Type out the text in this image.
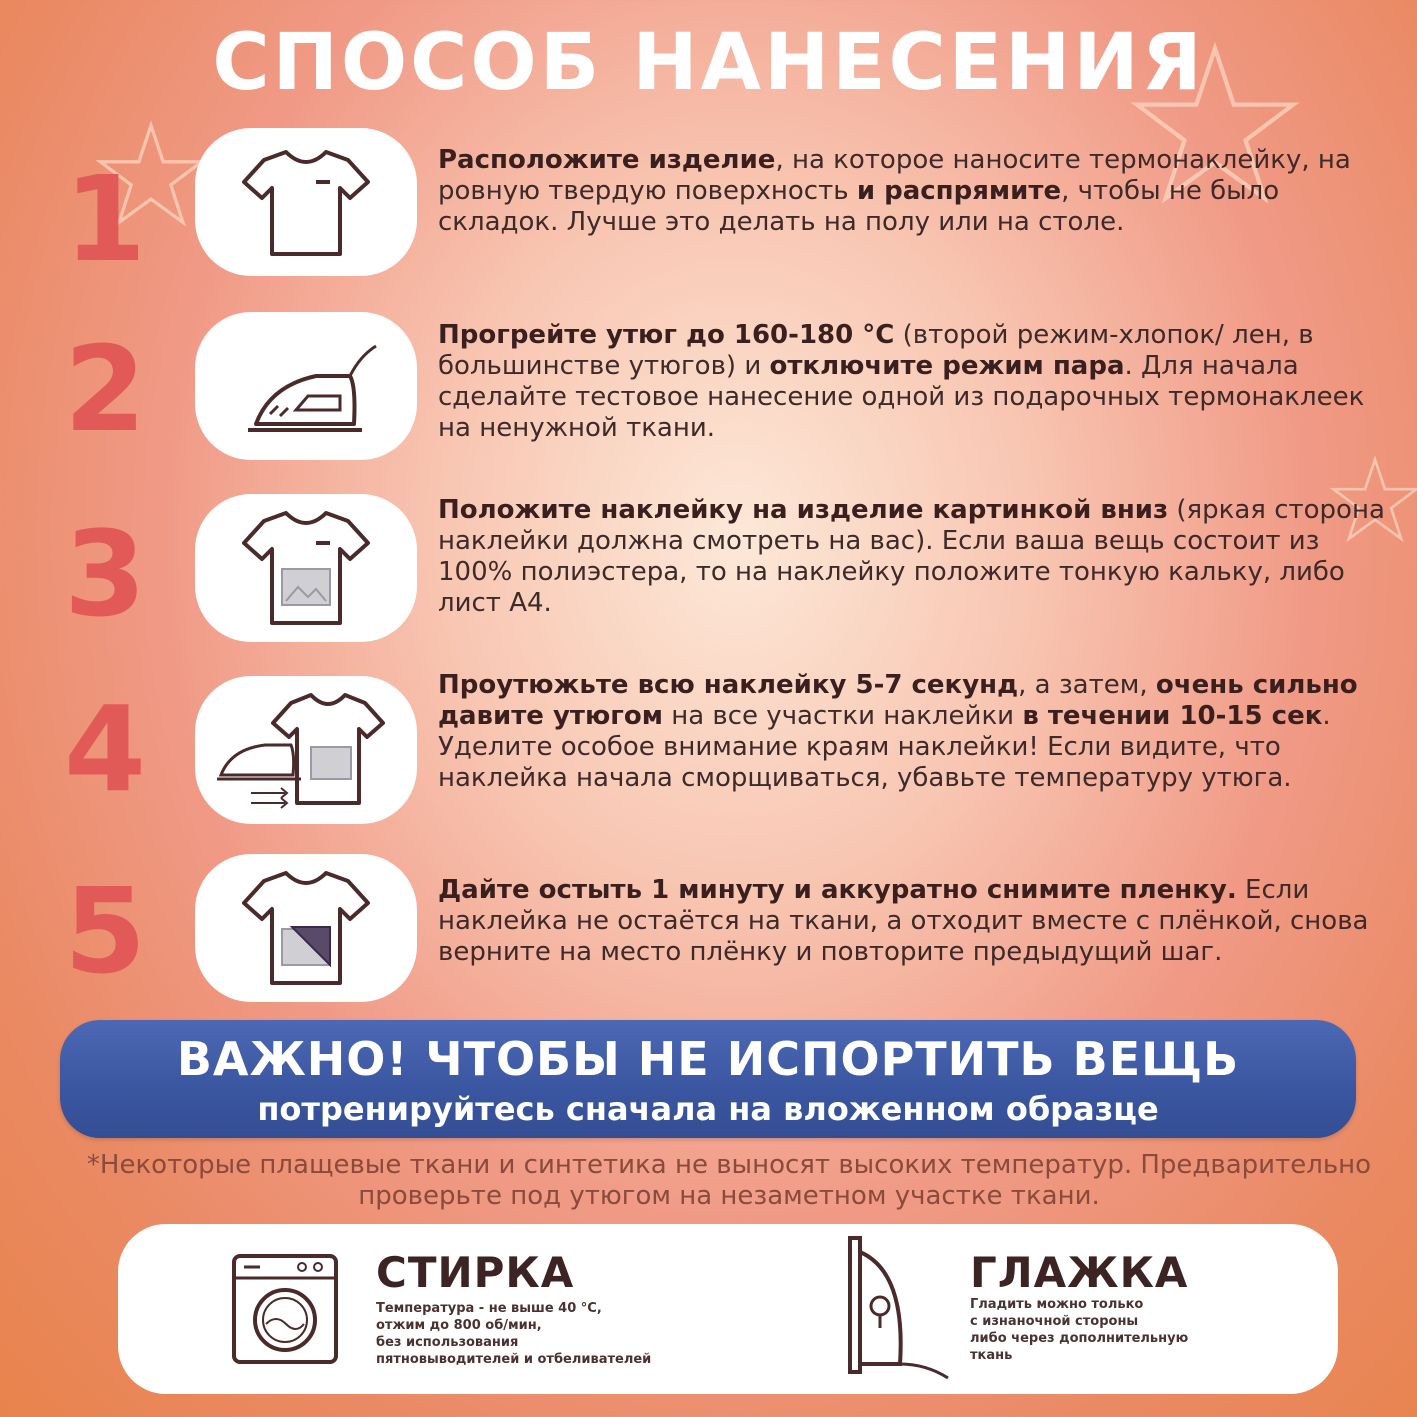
СПОСОБ НАНЕСЕНИЯ
1	Расположите изделие, на которое наносите термонаклейку, на ровную твердую поверхность и распрямите, чтобы не было складок. Лучше это делать на полу или на столе.
2	Прогрейте утюг до 160-180 °C (второй режим-хлопок/ лен, в большинстве утюгов) и отключите режим пара. Для начала сделайте тестовое нанесение одной из подарочных термонаклеек на ненужной ткани.
3	Положите наклейку на изделие картинкой вниз (яркая сторона наклейки должна смотреть на вас). Если ваша вещь состоит из 100% полиэстера, то на наклейку положите тонкую кальку, либо лист А4.
4	Проутюжьте всю наклейку 5-7 секунд, а затем, очень сильно давите утюгом на все участки наклейки в течении 10-15 сек. Уделите особое внимание краям наклейки! Если видите, что наклейка начала сморщиваться, убавьте температуру утюга.
5	Дайте остыть 1 минуту и аккуратно снимите пленку. Если наклейка не остаётся на ткани, а отходит вместе с плёнкой, снова верните на место плёнку и повторите предыдущий шаг.
ВАЖНО! ЧТОБЫ НЕ ИСПОРТИТЬ ВЕЩЬ
потренируйтесь сначала на вложенном образце
*Некоторые плащевые ткани и синтетика не выносят высоких температур. Предварительно проверьте под утюгом на незаметном участке ткани.
СТИРКА
Температура - не выше 40 °C,
отжим до 800 об/мин,
без использования
пятновыводителей и отбеливателей
ГЛАЖКА
Гладить можно только
с изнаночной стороны
либо через дополнительную
ткань
